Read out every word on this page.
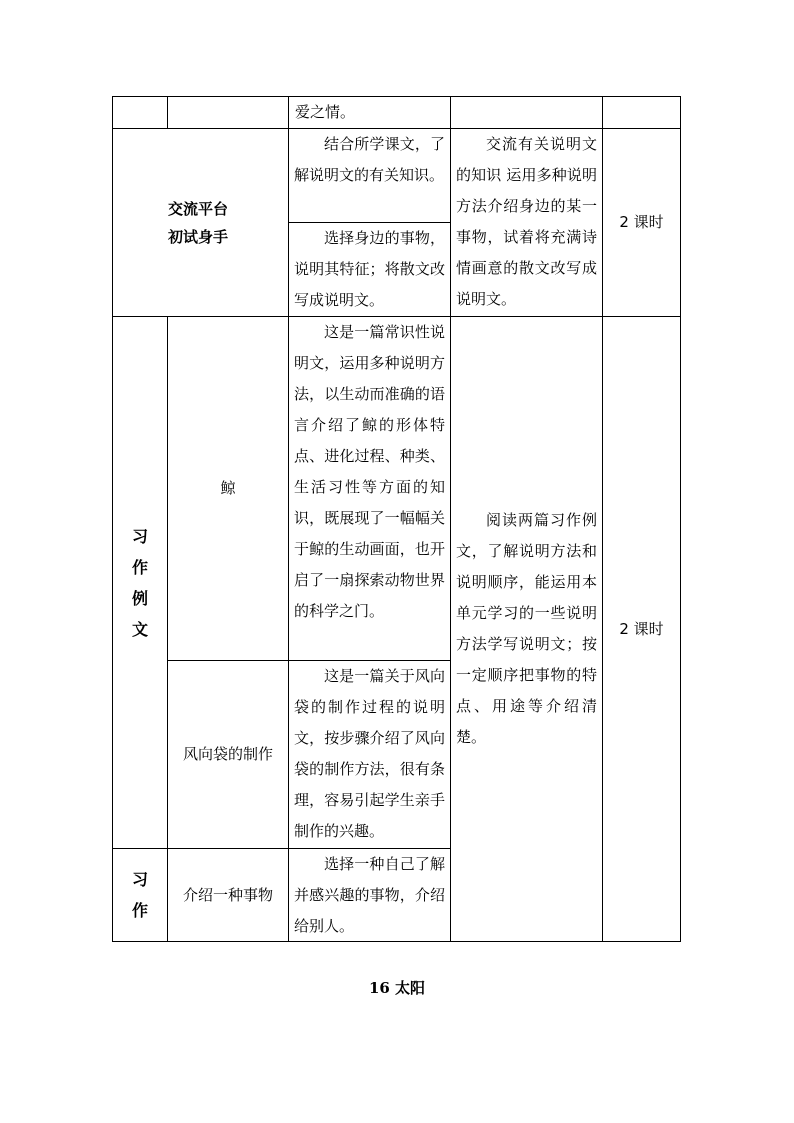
爱之情。
交流平台
初试身手
结合所学课文，了解说明文的有关知识。
选择身边的事物，说明其特征；将散文改写成说明文。
交流有关说明文的知识 运用多种说明方法介绍身边的某一事物，试着将充满诗情画意的散文改写成说明文。
2 课时
习
作
例
文
鲸
这是一篇常识性说明文，运用多种说明方法，以生动而准确的语言介绍了鲸的形体特点、进化过程、种类、生活习性等方面的知识，既展现了一幅幅关于鲸的生动画面，也开启了一扇探索动物世界的科学之门。
风向袋的制作
这是一篇关于风向袋的制作过程的说明文，按步骤介绍了风向袋的制作方法，很有条理，容易引起学生亲手制作的兴趣。
阅读两篇习作例文，了解说明方法和说明顺序，能运用本单元学习的一些说明方法学写说明文；按一定顺序把事物的特点、用途等介绍清楚。
2 课时
习
作
介绍一种事物
选择一种自己了解并感兴趣的事物，介绍给别人。
16 太阳
